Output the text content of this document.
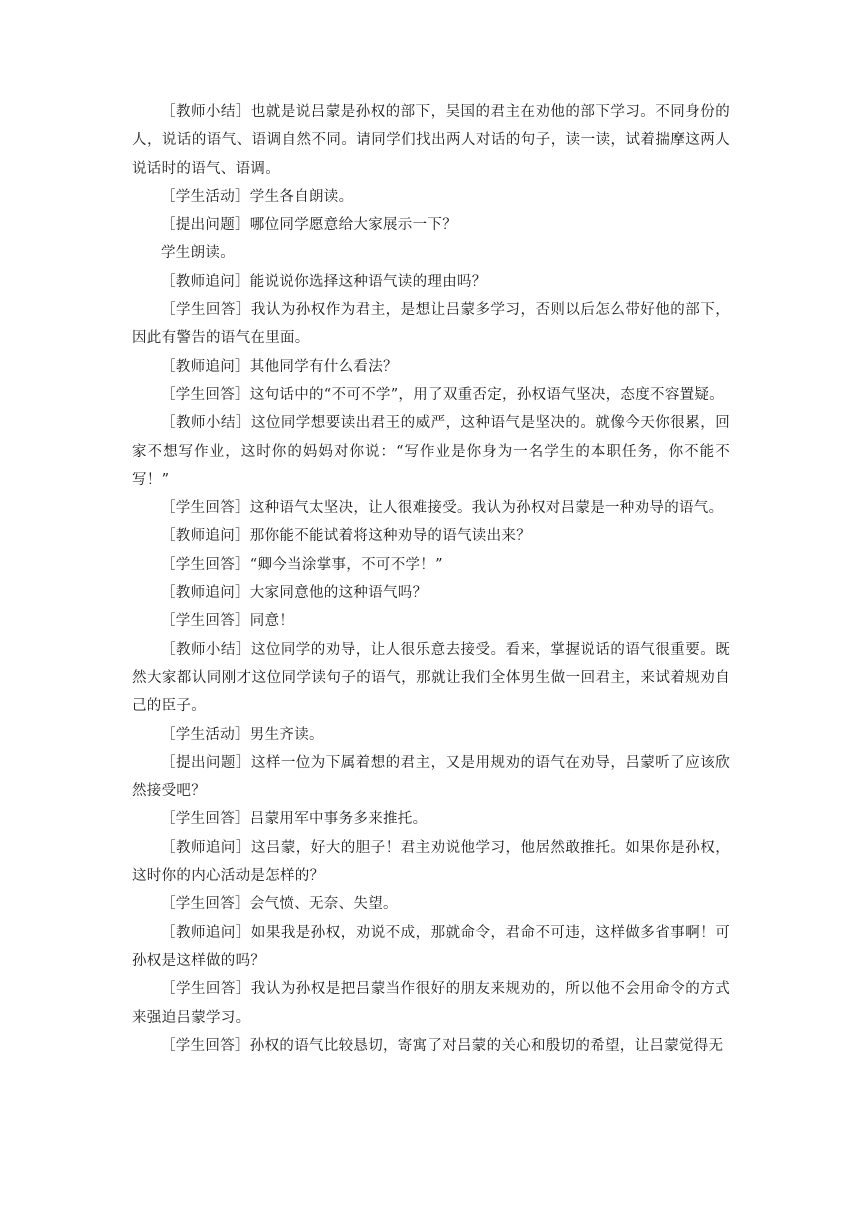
［教师小结］也就是说吕蒙是孙权的部下，吴国的君主在劝他的部下学习。不同身份的人，说话的语气、语调自然不同。请同学们找出两人对话的句子，读一读，试着揣摩这两人说话时的语气、语调。

［学生活动］学生各自朗读。

［提出问题］哪位同学愿意给大家展示一下？

学生朗读。

［教师追问］能说说你选择这种语气读的理由吗？

［学生回答］我认为孙权作为君主，是想让吕蒙多学习，否则以后怎么带好他的部下，因此有警告的语气在里面。

［教师追问］其他同学有什么看法？

［学生回答］这句话中的“不可不学”，用了双重否定，孙权语气坚决，态度不容置疑。

［教师小结］这位同学想要读出君王的威严，这种语气是坚决的。就像今天你很累，回家不想写作业，这时你的妈妈对你说：“写作业是你身为一名学生的本职任务，你不能不写！”

［学生回答］这种语气太坚决，让人很难接受。我认为孙权对吕蒙是一种劝导的语气。

［教师追问］那你能不能试着将这种劝导的语气读出来？

［学生回答］“卿今当涂掌事，不可不学！”

［教师追问］大家同意他的这种语气吗？

［学生回答］同意！

［教师小结］这位同学的劝导，让人很乐意去接受。看来，掌握说话的语气很重要。既然大家都认同刚才这位同学读句子的语气，那就让我们全体男生做一回君主，来试着规劝自己的臣子。

［学生活动］男生齐读。

［提出问题］这样一位为下属着想的君主，又是用规劝的语气在劝导，吕蒙听了应该欣然接受吧？

［学生回答］吕蒙用军中事务多来推托。

［教师追问］这吕蒙，好大的胆子！君主劝说他学习，他居然敢推托。如果你是孙权，这时你的内心活动是怎样的？

［学生回答］会气愤、无奈、失望。

［教师追问］如果我是孙权，劝说不成，那就命令，君命不可违，这样做多省事啊！可孙权是这样做的吗？

［学生回答］我认为孙权是把吕蒙当作很好的朋友来规劝的，所以他不会用命令的方式来强迫吕蒙学习。

［学生回答］孙权的语气比较恳切，寄寓了对吕蒙的关心和殷切的希望，让吕蒙觉得无
